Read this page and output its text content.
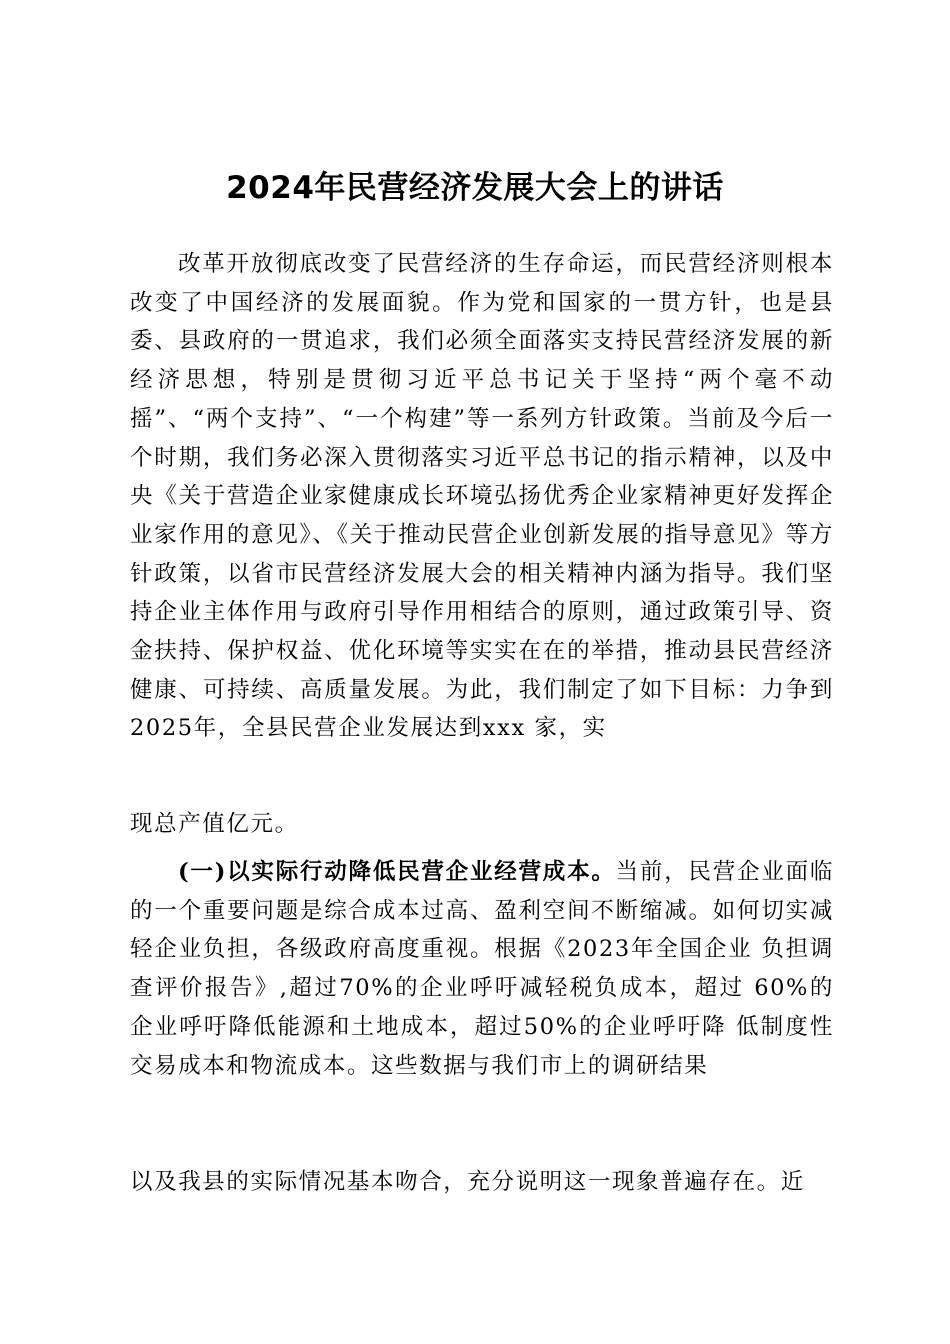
2024年民营经济发展大会上的讲话
改革开放彻底改变了民营经济的生存命运，而民营经济则根本改变了中国经济的发展面貌。作为党和国家的一贯方针，也是县委、县政府的一贯追求，我们必须全面落实支持民营经济发展的新经济思想，特别是贯彻习近平总书记关于坚持“两个毫不动摇”、“两个支持”、“一个构建”等一系列方针政策。当前及今后一个时期，我们务必深入贯彻落实习近平总书记的指示精神，以及中央《关于营造企业家健康成长环境弘扬优秀企业家精神更好发挥企业家作用的意见》、《关于推动民营企业创新发展的指导意见》等方针政策，以省市民营经济发展大会的相关精神内涵为指导。我们坚持企业主体作用与政府引导作用相结合的原则，通过政策引导、资金扶持、保护权益、优化环境等实实在在的举措，推动县民营经济健康、可持续、高质量发展。为此，我们制定了如下目标：力争到2025年，全县民营企业发展达到xxx 家，实
现总产值亿元。
(一)以实际行动降低民营企业经营成本。当前，民营企业面临的一个重要问题是综合成本过高、盈利空间不断缩减。如何切实减轻企业负担，各级政府高度重视。根据《2023年全国企业 负担调查评价报告》,超过70%的企业呼吁减轻税负成本，超过 60%的企业呼吁降低能源和土地成本，超过50%的企业呼吁降 低制度性交易成本和物流成本。这些数据与我们市上的调研结果
以及我县的实际情况基本吻合，充分说明这一现象普遍存在。近
